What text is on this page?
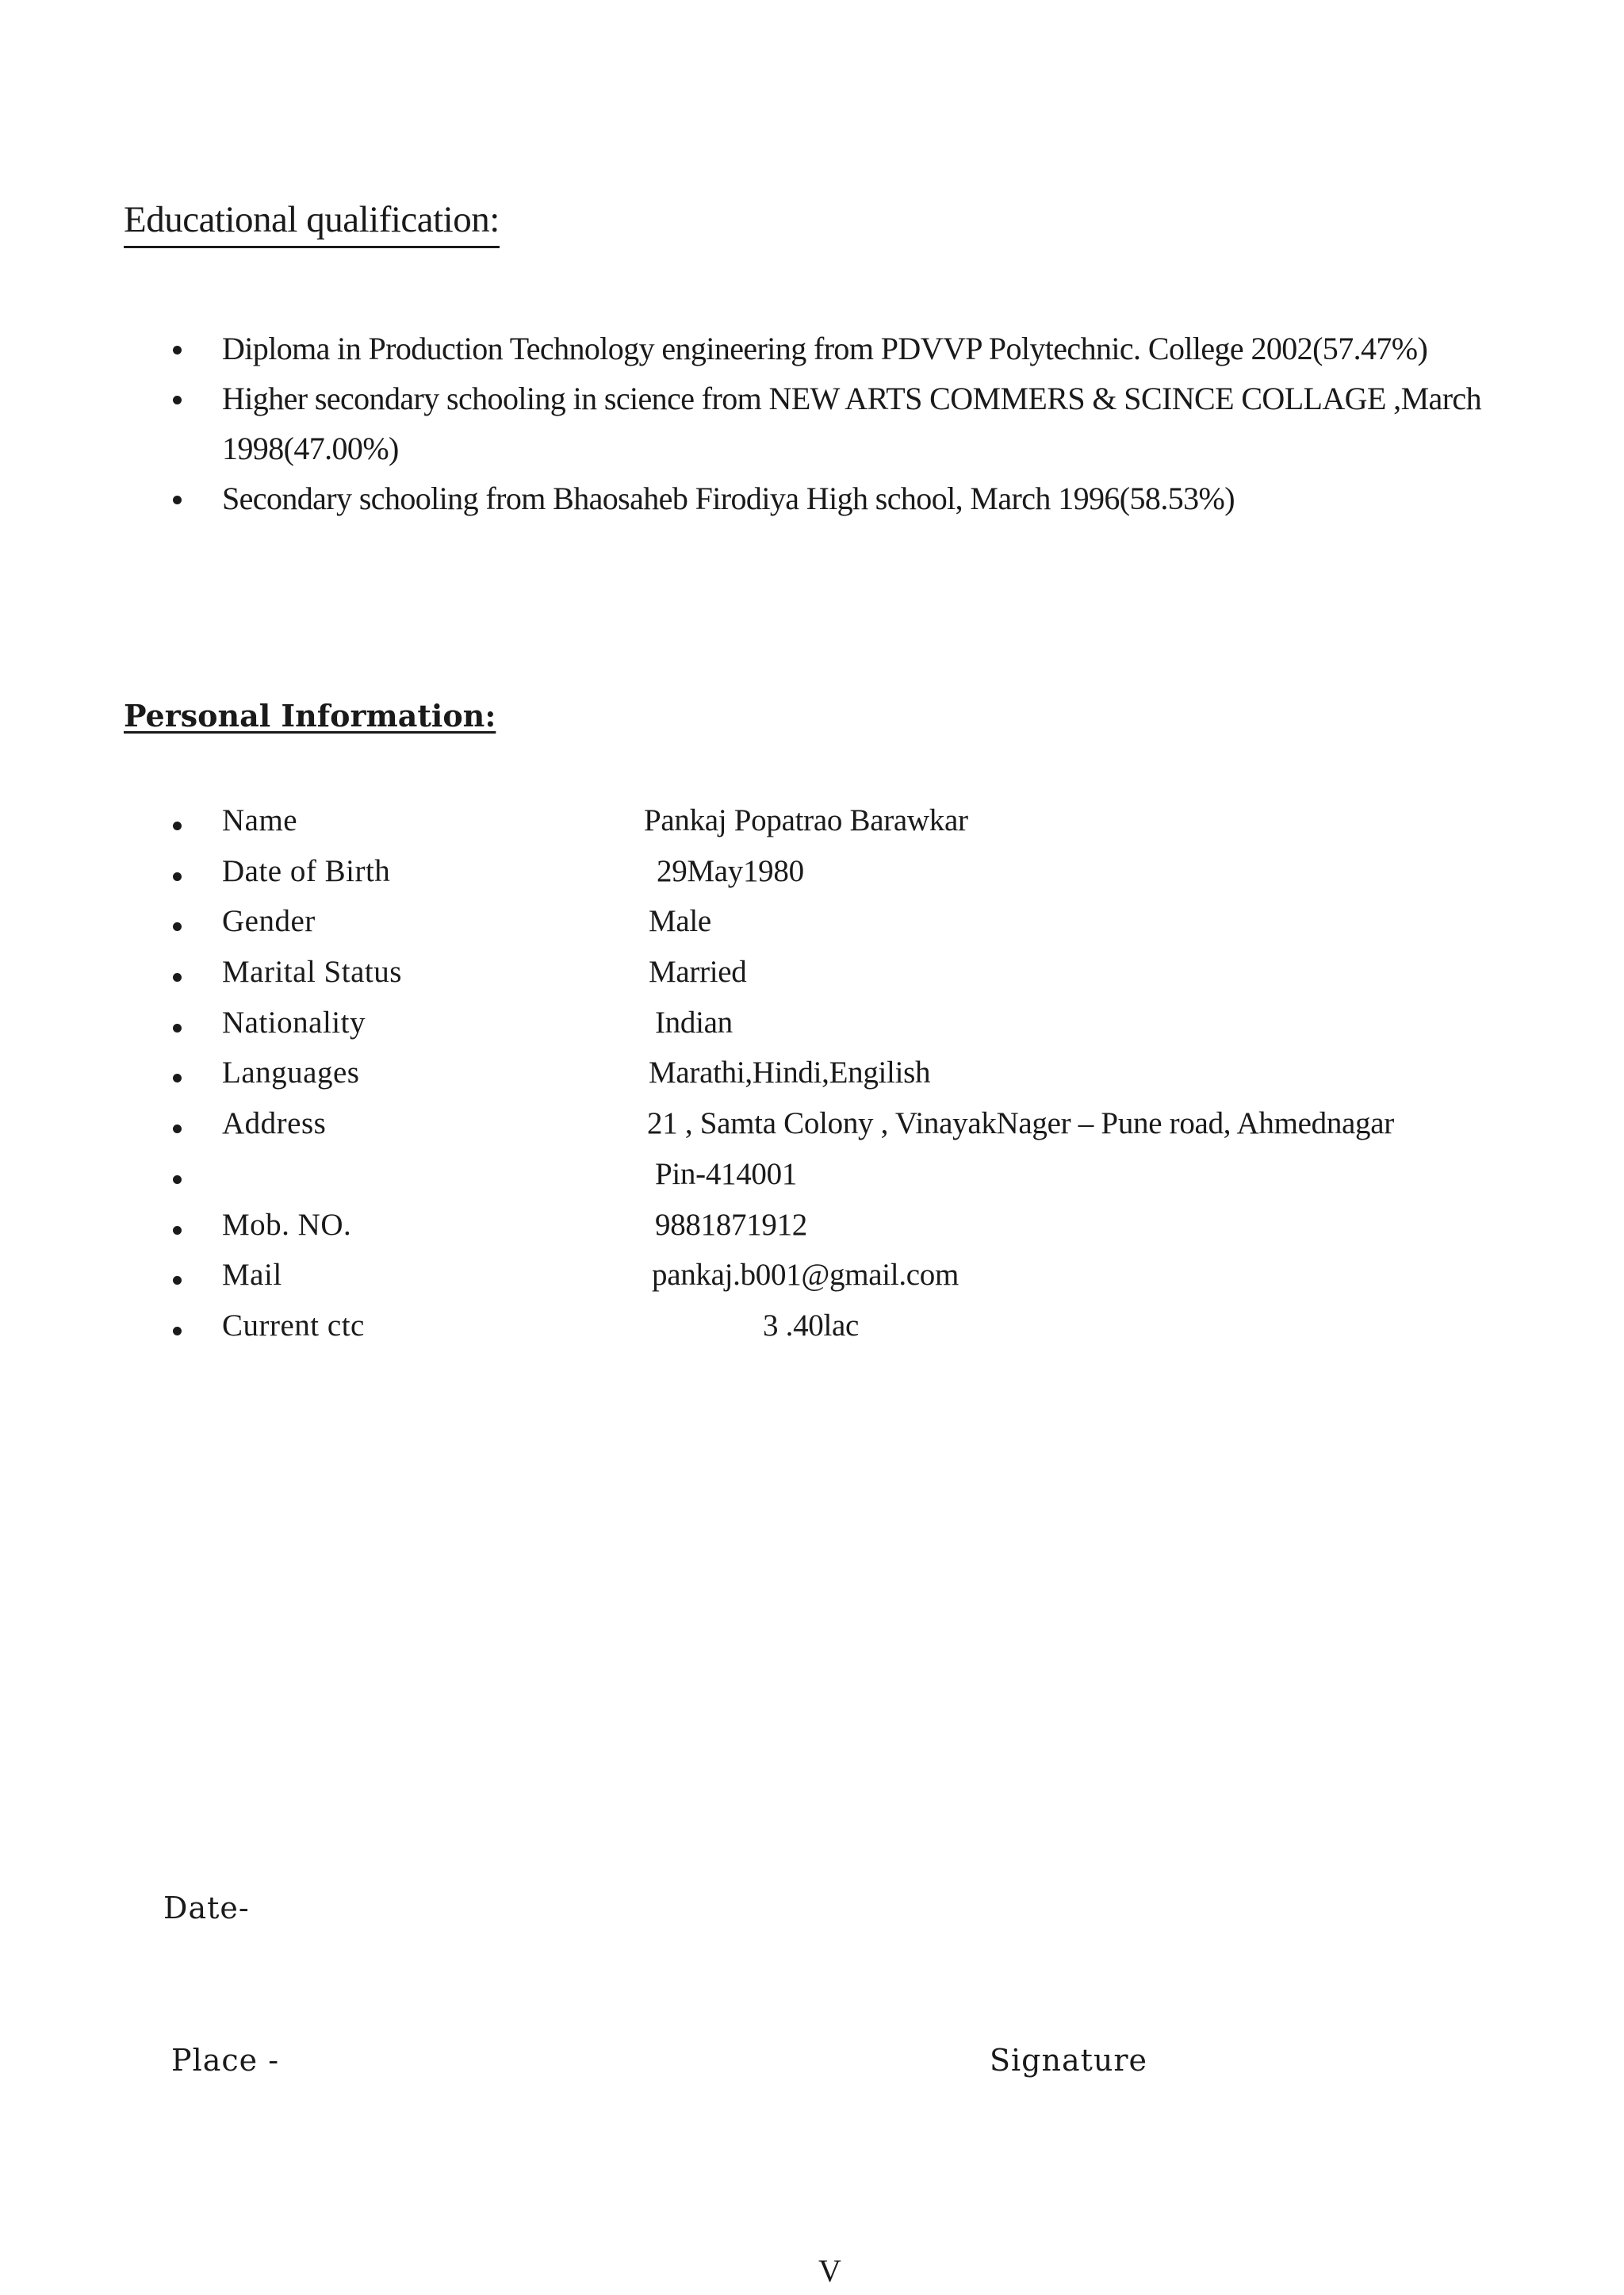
Educational qualification:
Diploma in Production Technology engineering from PDVVP Polytechnic. College 2002(57.47%)
Higher secondary schooling in science from NEW ARTS COMMERS & SCINCE COLLAGE ,March
1998(47.00%)
Secondary schooling from Bhaosaheb Firodiya High school, March 1996(58.53%)
Personal Information:
Name	Pankaj Popatrao Barawkar
Date of Birth	29May1980
Gender	Male
Marital Status	Married
Nationality	Indian
Languages	Marathi,Hindi,Engilish
Address	21 , Samta Colony , VinayakNager – Pune road, Ahmednagar
Pin-414001
Mob. NO.	9881871912
Mail	pankaj.b001@gmail.com
Current ctc	3 .40lac
Date-
Place -	Signature
V
